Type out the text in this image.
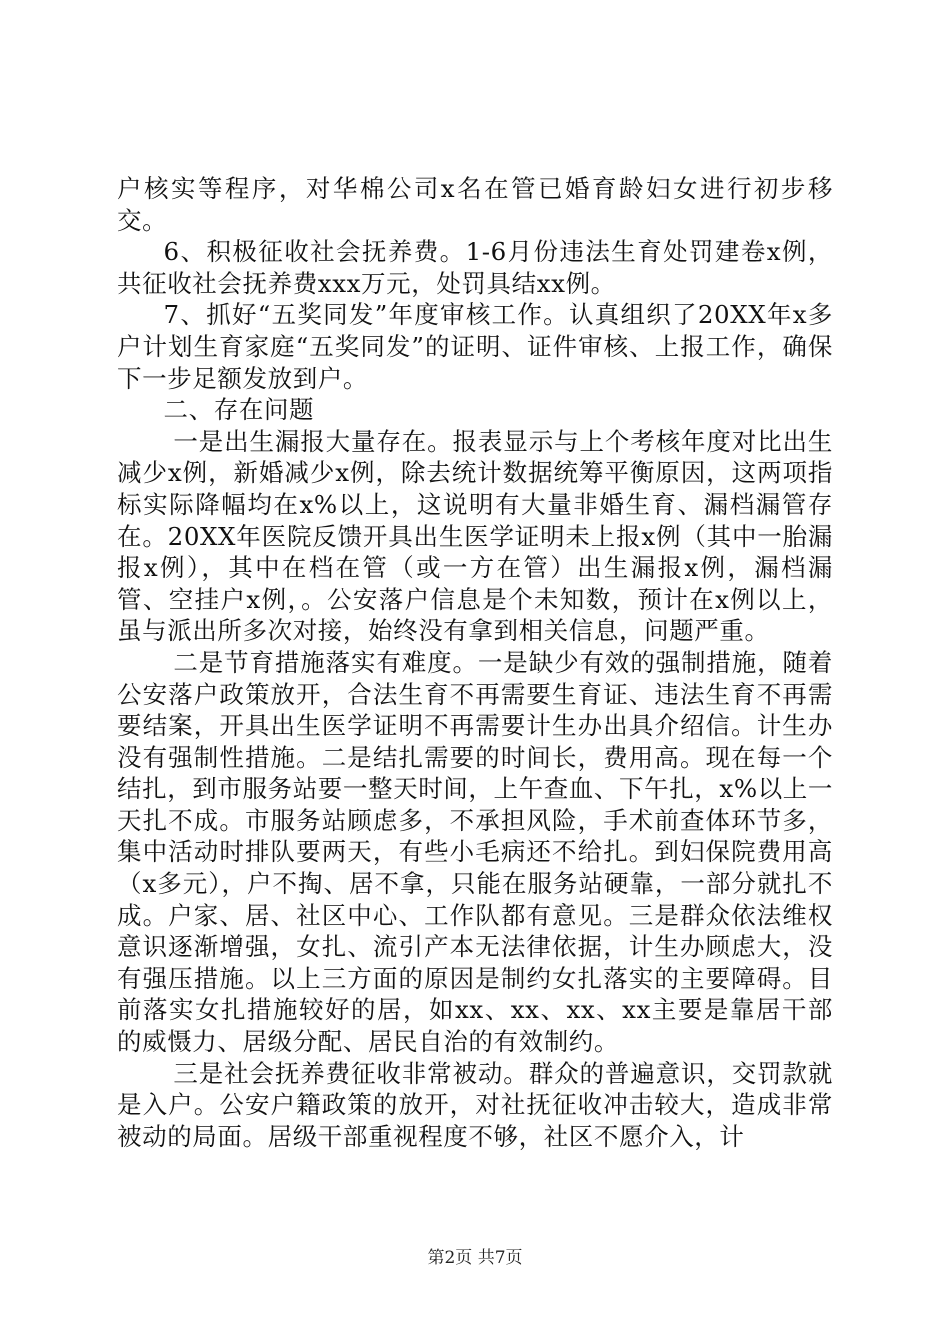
户核实等程序，对华棉公司x名在管已婚育龄妇女进行初步移交。

6、积极征收社会抚养费。1-6月份违法生育处罚建卷x例，共征收社会抚养费xxx万元，处罚具结xx例。

7、抓好“五奖同发”年度审核工作。认真组织了20XX年x多户计划生育家庭“五奖同发”的证明、证件审核、上报工作，确保下一步足额发放到户。

二、存在问题

一是出生漏报大量存在。报表显示与上个考核年度对比出生减少x例，新婚减少x例，除去统计数据统筹平衡原因，这两项指标实际降幅均在x%以上，这说明有大量非婚生育、漏档漏管存在。20XX年医院反馈开具出生医学证明未上报x例（其中一胎漏报x例），其中在档在管（或一方在管）出生漏报x例，漏档漏管、空挂户x例，。公安落户信息是个未知数，预计在x例以上，虽与派出所多次对接，始终没有拿到相关信息，问题严重。

二是节育措施落实有难度。一是缺少有效的强制措施，随着公安落户政策放开，合法生育不再需要生育证、违法生育不再需要结案，开具出生医学证明不再需要计生办出具介绍信。计生办没有强制性措施。二是结扎需要的时间长，费用高。现在每一个结扎，到市服务站要一整天时间，上午查血、下午扎，x%以上一天扎不成。市服务站顾虑多，不承担风险，手术前查体环节多，集中活动时排队要两天，有些小毛病还不给扎。到妇保院费用高（x多元），户不掏、居不拿，只能在服务站硬靠，一部分就扎不成。户家、居、社区中心、工作队都有意见。三是群众依法维权意识逐渐增强，女扎、流引产本无法律依据，计生办顾虑大，没有强压措施。以上三方面的原因是制约女扎落实的主要障碍。目前落实女扎措施较好的居，如xx、xx、xx、xx主要是靠居干部的威慑力、居级分配、居民自治的有效制约。

三是社会抚养费征收非常被动。群众的普遍意识，交罚款就是入户。公安户籍政策的放开，对社抚征收冲击较大，造成非常被动的局面。居级干部重视程度不够，社区不愿介入，计

第2页 共7页
